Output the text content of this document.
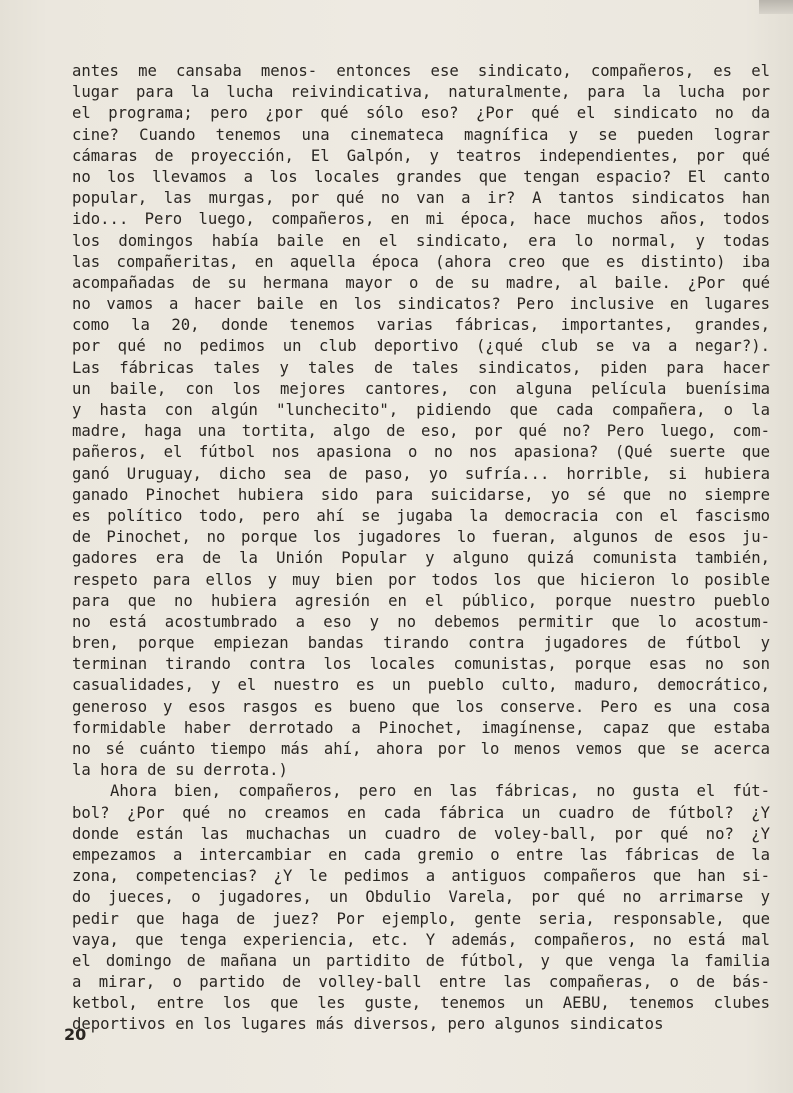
antes me cansaba menos- entonces ese sindicato, compañeros, es el
lugar para la lucha reivindicativa, naturalmente, para la lucha por
el programa; pero ¿por qué sólo eso? ¿Por qué el sindicato no da
cine? Cuando tenemos una cinemateca magnífica y se pueden lograr
cámaras de proyección, El Galpón, y teatros independientes, por qué
no los llevamos a los locales grandes que tengan espacio? El canto
popular, las murgas, por qué no van a ir? A tantos sindicatos han
ido... Pero luego, compañeros, en mi época, hace muchos años, todos
los domingos había baile en el sindicato, era lo normal, y todas
las compañeritas, en aquella época (ahora creo que es distinto) iba
acompañadas de su hermana mayor o de su madre, al baile. ¿Por qué
no vamos a hacer baile en los sindicatos? Pero inclusive en lugares
como la 20, donde tenemos varias fábricas, importantes, grandes,
por qué no pedimos un club deportivo (¿qué club se va a negar?).
Las fábricas tales y tales de tales sindicatos, piden para hacer
un baile, con los mejores cantores, con alguna película buenísima
y hasta con algún "lunchecito", pidiendo que cada compañera, o la
madre, haga una tortita, algo de eso, por qué no? Pero luego, com-
pañeros, el fútbol nos apasiona o no nos apasiona? (Qué suerte que
ganó Uruguay, dicho sea de paso, yo sufría... horrible, si hubiera
ganado Pinochet hubiera sido para suicidarse, yo sé que no siempre
es político todo, pero ahí se jugaba la democracia con el fascismo
de Pinochet, no porque los jugadores lo fueran, algunos de esos ju-
gadores era de la Unión Popular y alguno quizá comunista también,
respeto para ellos y muy bien por todos los que hicieron lo posible
para que no hubiera agresión en el público, porque nuestro pueblo
no está acostumbrado a eso y no debemos permitir que lo acostum-
bren, porque empiezan bandas tirando contra jugadores de fútbol y
terminan tirando contra los locales comunistas, porque esas no son
casualidades, y el nuestro es un pueblo culto, maduro, democrático,
generoso y esos rasgos es bueno que los conserve. Pero es una cosa
formidable haber derrotado a Pinochet, imagínense, capaz que estaba
no sé cuánto tiempo más ahí, ahora por lo menos vemos que se acerca
la hora de su derrota.)
Ahora bien, compañeros, pero en las fábricas, no gusta el fút-
bol? ¿Por qué no creamos en cada fábrica un cuadro de fútbol? ¿Y
donde están las muchachas un cuadro de voley-ball, por qué no? ¿Y
empezamos a intercambiar en cada gremio o entre las fábricas de la
zona, competencias? ¿Y le pedimos a antiguos compañeros que han si-
do jueces, o jugadores, un Obdulio Varela, por qué no arrimarse y
pedir que haga de juez? Por ejemplo, gente seria, responsable, que
vaya, que tenga experiencia, etc. Y además, compañeros, no está mal
el domingo de mañana un partidito de fútbol, y que venga la familia
a mirar, o partido de volley-ball entre las compañeras, o de bás-
ketbol, entre los que les guste, tenemos un AEBU, tenemos clubes
deportivos en los lugares más diversos, pero algunos sindicatos
20
